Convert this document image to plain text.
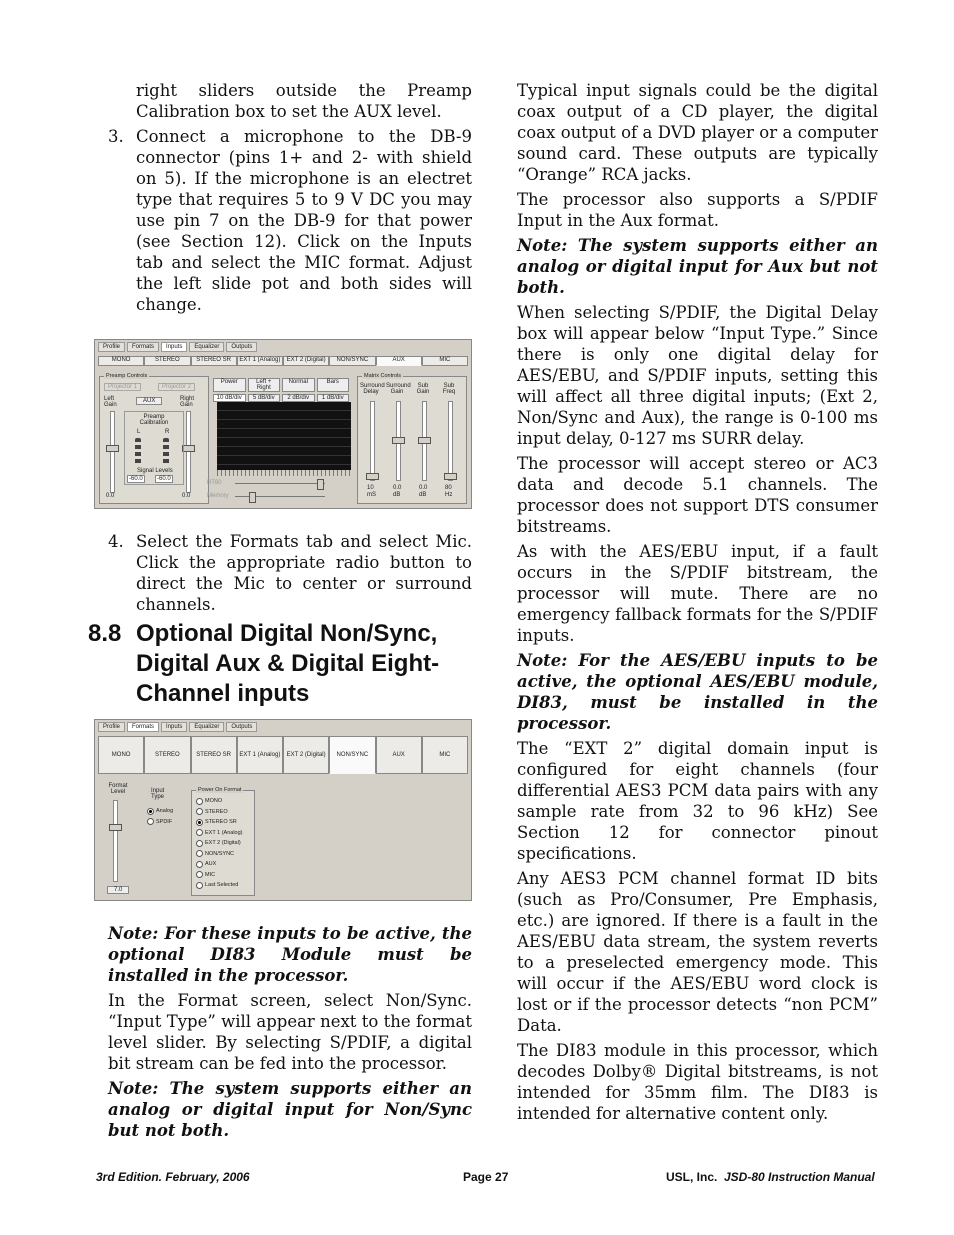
right sliders outside the Preamp Calibration box to set the AUX level.

3. Connect a microphone to the DB-9 connector (pins 1+ and 2- with shield on 5). If the microphone is an electret type that requires 5 to 9 V DC you may use pin 7 on the DB-9 for that power (see Section 12). Click on the Inputs tab and select the MIC format. Adjust the left slide pot and both sides will change.
Profile	Formats	Inputs	Equalizer	Outputs
MONO	STEREO	STEREO SR	EXT 1 (Analog)	EXT 2 (Digital)	NON/SYNC	AUX	MIC
Preamp Controls
Projector 1	Projector 2
Left Gain
AUX	Right Gain
Preamp Calibration
L	R
Signal Levels
-60.0	-60.0
0.0	0.0
Power	Left + Right
Normal	Bars
10 dB/div	5 dB/div	2 dB/div	1 dB/div
RT60
Memory
Matrix Controls
Surround Delay
Surround Gain
Sub Gain
Sub Freq
10	0.0	0.0	80
mS	dB	dB	Hz
4. Select the Formats tab and select Mic. Click the appropriate radio button to direct the Mic to center or surround channels.
8.8 Optional Digital Non/Sync, Digital Aux & Digital Eight-Channel inputs
Profile	Formats	Inputs	Equalizer	Outputs
MONO	STEREO	STEREO SR	EXT 1 (Analog)	EXT 2 (Digital)	NON/SYNC	AUX	MIC
Format Level
7.0
Input Type
Analog
SPDIF
Power On Format
MONO
STEREO
STEREO SR
EXT 1 (Analog)
EXT 2 (Digital)
NON/SYNC
AUX
MIC
Last Selected

Note: For these inputs to be active, the optional DI83 Module must be installed in the processor.

In the Format screen, select Non/Sync. “Input Type” will appear next to the format level slider. By selecting S/PDIF, a digital bit stream can be fed into the processor.

Note: The system supports either an analog or digital input for Non/Sync but not both.

Typical input signals could be the digital coax output of a CD player, the digital coax output of a DVD player or a computer sound card. These outputs are typically “Orange” RCA jacks.

The processor also supports a S/PDIF Input in the Aux format.

Note: The system supports either an analog or digital input for Aux but not both.

When selecting S/PDIF, the Digital Delay box will appear below “Input Type.” Since there is only one digital delay for AES/EBU, and S/PDIF inputs, setting this will affect all three digital inputs; (Ext 2, Non/Sync and Aux), the range is 0-100 ms input delay, 0-127 ms SURR delay.

The processor will accept stereo or AC3 data and decode 5.1 channels. The processor does not support DTS consumer bitstreams.

As with the AES/EBU input, if a fault occurs in the S/PDIF bitstream, the processor will mute. There are no emergency fallback formats for the S/PDIF inputs.

Note: For the AES/EBU inputs to be active, the optional AES/EBU module, DI83, must be installed in the processor.

The “EXT 2” digital domain input is configured for eight channels (four differential AES3 PCM data pairs with any sample rate from 32 to 96 kHz) See Section 12 for connector pinout specifications.

Any AES3 PCM channel format ID bits (such as Pro/Consumer, Pre Emphasis, etc.) are ignored. If there is a fault in the AES/EBU data stream, the system reverts to a preselected emergency mode. This will occur if the AES/EBU word clock is lost or if the processor detects “non PCM” Data.

The DI83 module in this processor, which decodes Dolby® Digital bitstreams, is not intended for 35mm film. The DI83 is intended for alternative content only.

3rd Edition. February, 2006	Page 27	USL, Inc. JSD-80 Instruction Manual
